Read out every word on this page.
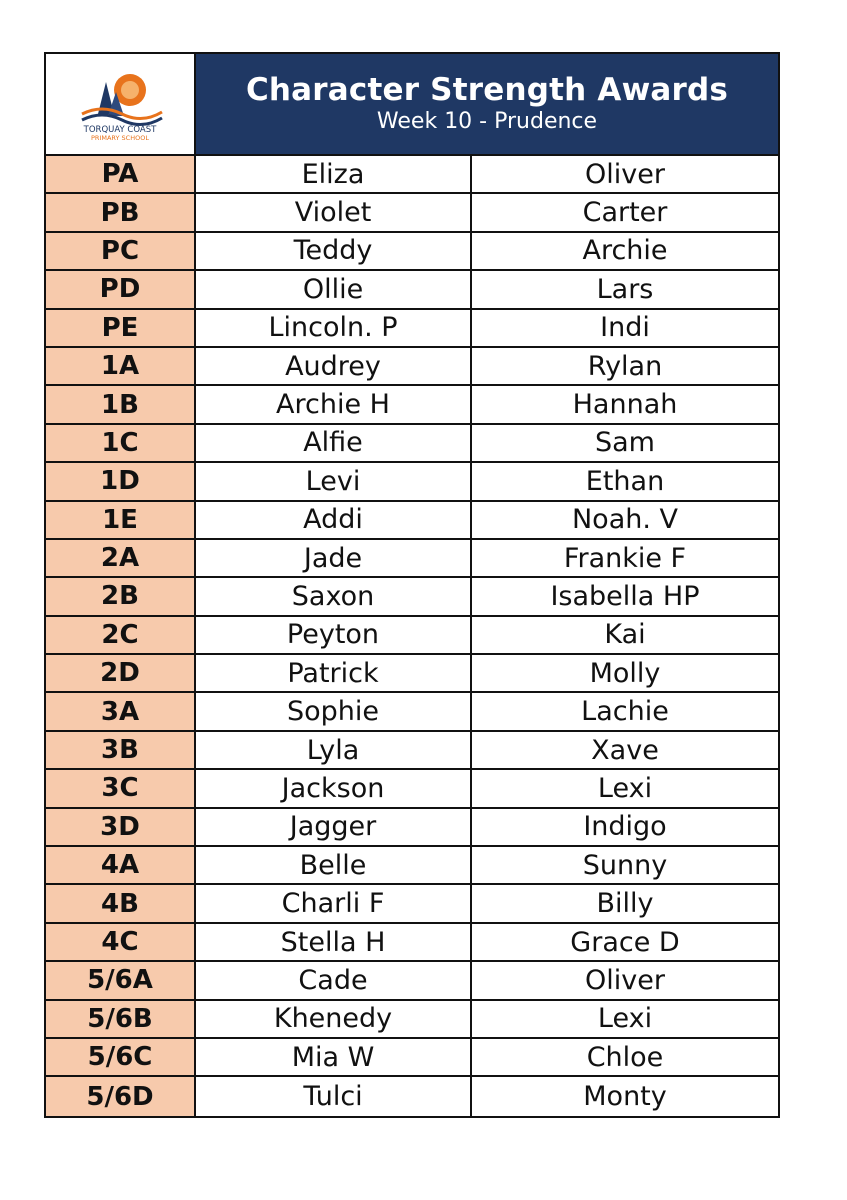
TORQUAY COAST
PRIMARY SCHOOL
Character Strength Awards
Week 10 - Prudence
PA	Eliza	Oliver
PB	Violet	Carter
PC	Teddy	Archie
PD	Ollie	Lars
PE	Lincoln. P	Indi
1A	Audrey	Rylan
1B	Archie H	Hannah
1C	Alfie	Sam
1D	Levi	Ethan
1E	Addi	Noah. V
2A	Jade	Frankie F
2B	Saxon	Isabella HP
2C	Peyton	Kai
2D	Patrick	Molly
3A	Sophie	Lachie
3B	Lyla	Xave
3C	Jackson	Lexi
3D	Jagger	Indigo
4A	Belle	Sunny
4B	Charli F	Billy
4C	Stella H	Grace D
5/6A	Cade	Oliver
5/6B	Khenedy	Lexi
5/6C	Mia W	Chloe
5/6D	Tulci	Monty
